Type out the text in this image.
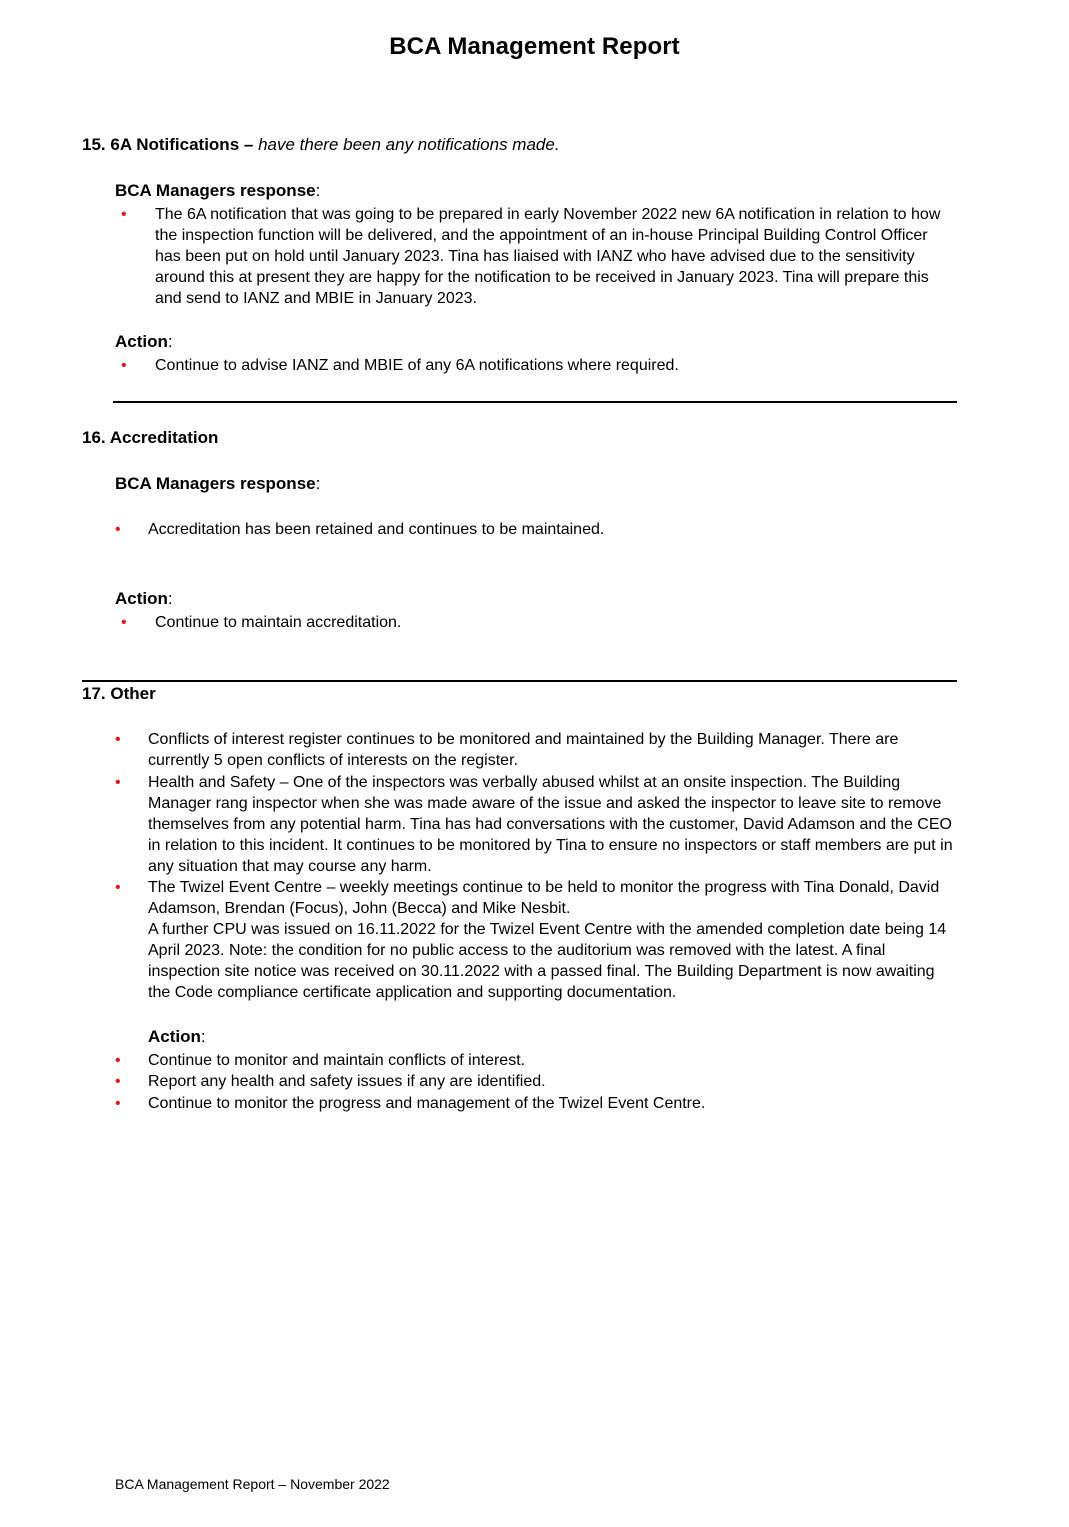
BCA Management Report
15. 6A Notifications – have there been any notifications made.
BCA Managers response:
• The 6A notification that was going to be prepared in early November 2022 new 6A notification in relation to how the inspection function will be delivered, and the appointment of an in-house Principal Building Control Officer has been put on hold until January 2023. Tina has liaised with IANZ who have advised due to the sensitivity around this at present they are happy for the notification to be received in January 2023. Tina will prepare this and send to IANZ and MBIE in January 2023.
Action:
• Continue to advise IANZ and MBIE of any 6A notifications where required.
16. Accreditation
BCA Managers response:
• Accreditation has been retained and continues to be maintained.
Action:
• Continue to maintain accreditation.
17. Other
• Conflicts of interest register continues to be monitored and maintained by the Building Manager. There are currently 5 open conflicts of interests on the register.
• Health and Safety – One of the inspectors was verbally abused whilst at an onsite inspection. The Building Manager rang inspector when she was made aware of the issue and asked the inspector to leave site to remove themselves from any potential harm. Tina has had conversations with the customer, David Adamson and the CEO in relation to this incident. It continues to be monitored by Tina to ensure no inspectors or staff members are put in any situation that may course any harm.
• The Twizel Event Centre – weekly meetings continue to be held to monitor the progress with Tina Donald, David Adamson, Brendan (Focus), John (Becca) and Mike Nesbit.
A further CPU was issued on 16.11.2022 for the Twizel Event Centre with the amended completion date being 14 April 2023. Note: the condition for no public access to the auditorium was removed with the latest. A final inspection site notice was received on 30.11.2022 with a passed final. The Building Department is now awaiting the Code compliance certificate application and supporting documentation.
Action:
• Continue to monitor and maintain conflicts of interest.
• Report any health and safety issues if any are identified.
• Continue to monitor the progress and management of the Twizel Event Centre.
BCA Management Report – November 2022
